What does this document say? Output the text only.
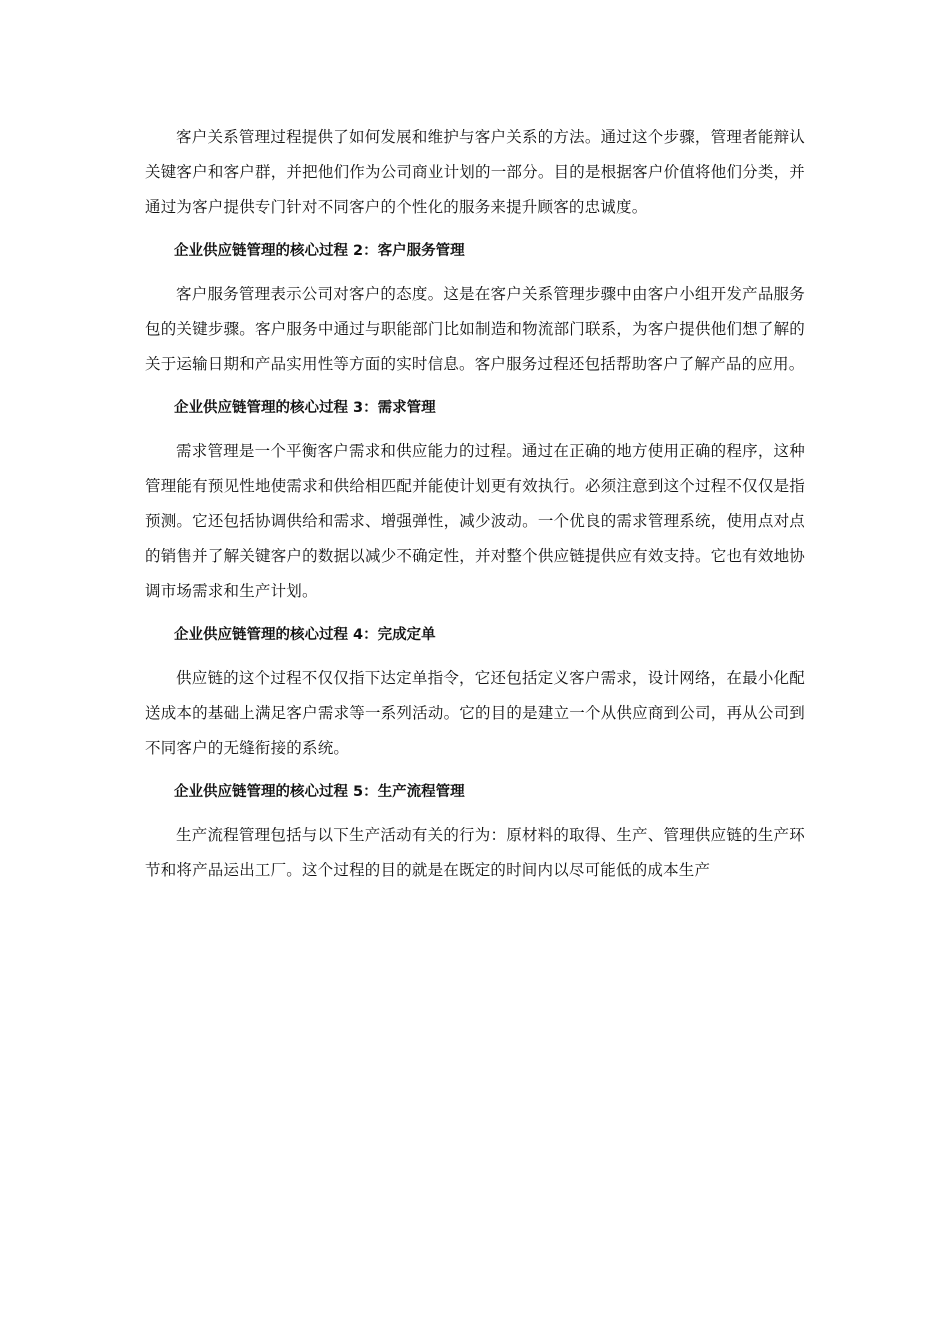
客户关系管理过程提供了如何发展和维护与客户关系的方法。通过这个步骤，管理者能辩认关键客户和客户群，并把他们作为公司商业计划的一部分。目的是根据客户价值将他们分类，并通过为客户提供专门针对不同客户的个性化的服务来提升顾客的忠诚度。

企业供应链管理的核心过程 2：客户服务管理

客户服务管理表示公司对客户的态度。这是在客户关系管理步骤中由客户小组开发产品服务包的关键步骤。客户服务中通过与职能部门比如制造和物流部门联系，为客户提供他们想了解的关于运输日期和产品实用性等方面的实时信息。客户服务过程还包括帮助客户了解产品的应用。

企业供应链管理的核心过程 3：需求管理

需求管理是一个平衡客户需求和供应能力的过程。通过在正确的地方使用正确的程序，这种管理能有预见性地使需求和供给相匹配并能使计划更有效执行。必须注意到这个过程不仅仅是指预测。它还包括协调供给和需求、增强弹性，减少波动。一个优良的需求管理系统，使用点对点的销售并了解关键客户的数据以减少不确定性，并对整个供应链提供应有效支持。它也有效地协调市场需求和生产计划。

企业供应链管理的核心过程 4：完成定单

供应链的这个过程不仅仅指下达定单指令，它还包括定义客户需求，设计网络，在最小化配送成本的基础上满足客户需求等一系列活动。它的目的是建立一个从供应商到公司，再从公司到不同客户的无缝衔接的系统。

企业供应链管理的核心过程 5：生产流程管理

生产流程管理包括与以下生产活动有关的行为：原材料的取得、生产、管理供应链的生产环节和将产品运出工厂。这个过程的目的就是在既定的时间内以尽可能低的成本生产
